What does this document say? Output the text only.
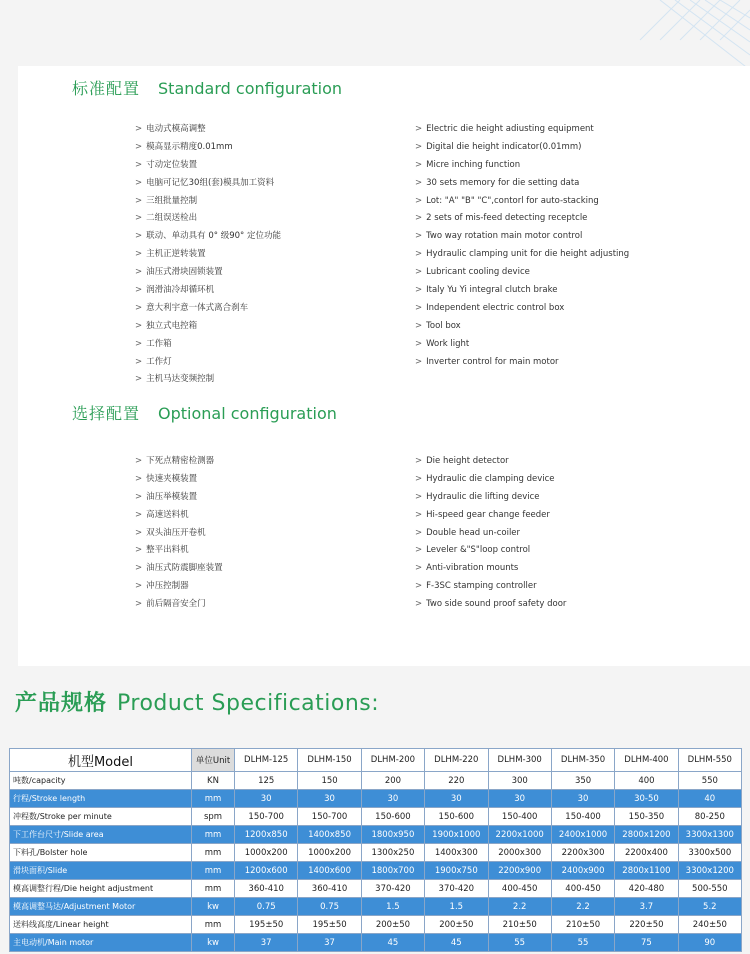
标准配置 Standard configuration
> 电动式模高调整
> 模高显示精度0.01mm
> 寸动定位装置
> 电脑可记忆30组(套)模具加工资料
> 三组批量控制
> 二组误送检出
> 联动、单动具有 0° 级90° 定位功能
> 主机正逆转装置
> 油压式滑块固锁装置
> 润滑油冷却循环机
> 意大利宇意一体式离合刹车
> 独立式电控箱
> 工作箱
> 工作灯
> 主机马达变频控制
> Electric die height adiusting equipment
> Digital die height indicator(0.01mm)
> Micre inching function
> 30 sets memory for die setting data
> Lot: "A" "B" "C",contorl for auto-stacking
> 2 sets of mis-feed detecting receptcle
> Two way rotation main motor control
> Hydraulic clamping unit for die height adjusting
> Lubricant cooling device
> Italy Yu Yi integral clutch brake
> Independent electric control box
> Tool box
> Work light
> Inverter control for main motor
选择配置 Optional configuration
> 下死点精密检测器
> 快速夹模装置
> 油压举模装置
> 高速送料机
> 双头油压开卷机
> 整平出料机
> 油压式防震脚座装置
> 冲压控制器
> 前后隔音安全门
> Die height detector
> Hydraulic die clamping device
> Hydraulic die lifting device
> Hi-speed gear change feeder
> Double head un-coiler
> Leveler &"S"loop control
> Anti-vibration mounts
> F-3SC stamping controller
> Two side sound proof safety door
产品规格 Product Specifications:
机型Model	单位Unit	DLHM-125	DLHM-150	DLHM-200	DLHM-220	DLHM-300	DLHM-350	DLHM-400	DLHM-550
吨数/capacity	KN	125	150	200	220	300	350	400	550
行程/Stroke length	mm	30	30	30	30	30	30	30-50	40
冲程数/Stroke per minute	spm	150-700	150-700	150-600	150-600	150-400	150-400	150-350	80-250
下工作台尺寸/Slide area	mm	1200x850	1400x850	1800x950	1900x1000	2200x1000	2400x1000	2800x1200	3300x1300
下料孔/Bolster hole	mm	1000x200	1000x200	1300x250	1400x300	2000x300	2200x300	2200x400	3300x500
滑块面积/Slide	mm	1200x600	1400x600	1800x700	1900x750	2200x900	2400x900	2800x1100	3300x1200
模高调整行程/Die height adjustment	mm	360-410	360-410	370-420	370-420	400-450	400-450	420-480	500-550
模高调整马达/Adjustment Motor	kw	0.75	0.75	1.5	1.5	2.2	2.2	3.7	5.2
送料线高度/Linear height	mm	195±50	195±50	200±50	200±50	210±50	210±50	220±50	240±50
主电动机/Main motor	kw	37	37	45	45	55	55	75	90
